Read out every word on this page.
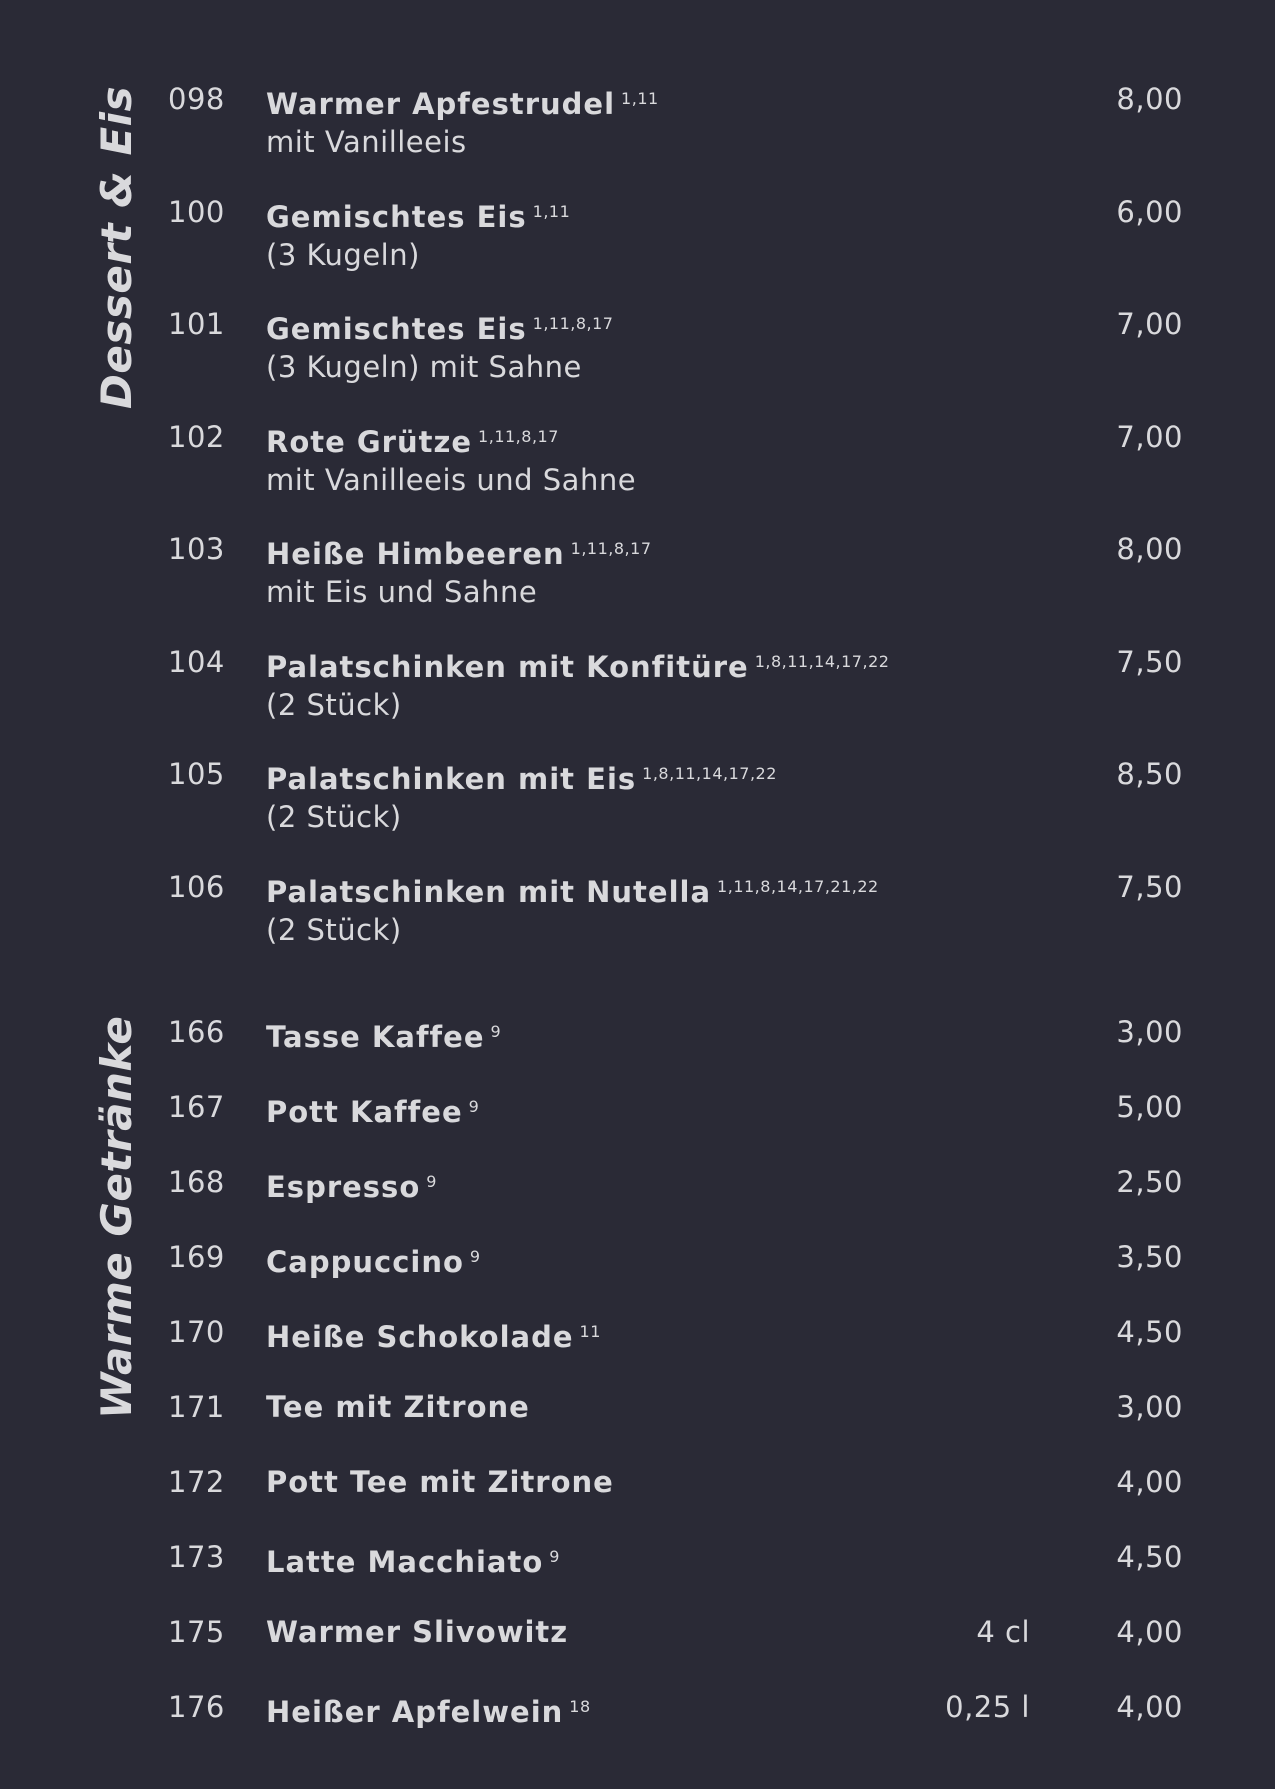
Dessert & Eis
Warme Getränke
098 Warmer Apfestrudel $^{1,11}$
mit Vanilleeis
8,00
100 Gemischtes Eis $^{1,11}$
(3 Kugeln)
6,00
101 Gemischtes Eis $^{1,11,8,17}$
(3 Kugeln) mit Sahne
7,00
102 Rote Grütze $^{1,11,8,17}$
mit Vanilleeis und Sahne
7,00
103 Heiße Himbeeren $^{1,11,8,17}$
mit Eis und Sahne
8,00
104 Palatschinken mit Konfitüre $^{1,8,11,14,17,22}$
(2 Stück)
7,50
105 Palatschinken mit Eis $^{1,8,11,14,17,22}$
(2 Stück)
8,50
106 Palatschinken mit Nutella $^{1,11,8,14,17,21,22}$
(2 Stück)
7,50
166 Tasse Kaffee $^9$	3,00
167 Pott Kaffee $^9$	5,00
168 Espresso $^9$	2,50
169 Cappuccino $^9$	3,50
170 Heiße Schokolade $^{11}$	4,50
171 Tee mit Zitrone	3,00
172 Pott Tee mit Zitrone	4,00
173 Latte Macchiato $^9$	4,50
175 Warmer Slivowitz	4 cl	4,00
176 Heißer Apfelwein $^{18}$	0,25 l	4,00
